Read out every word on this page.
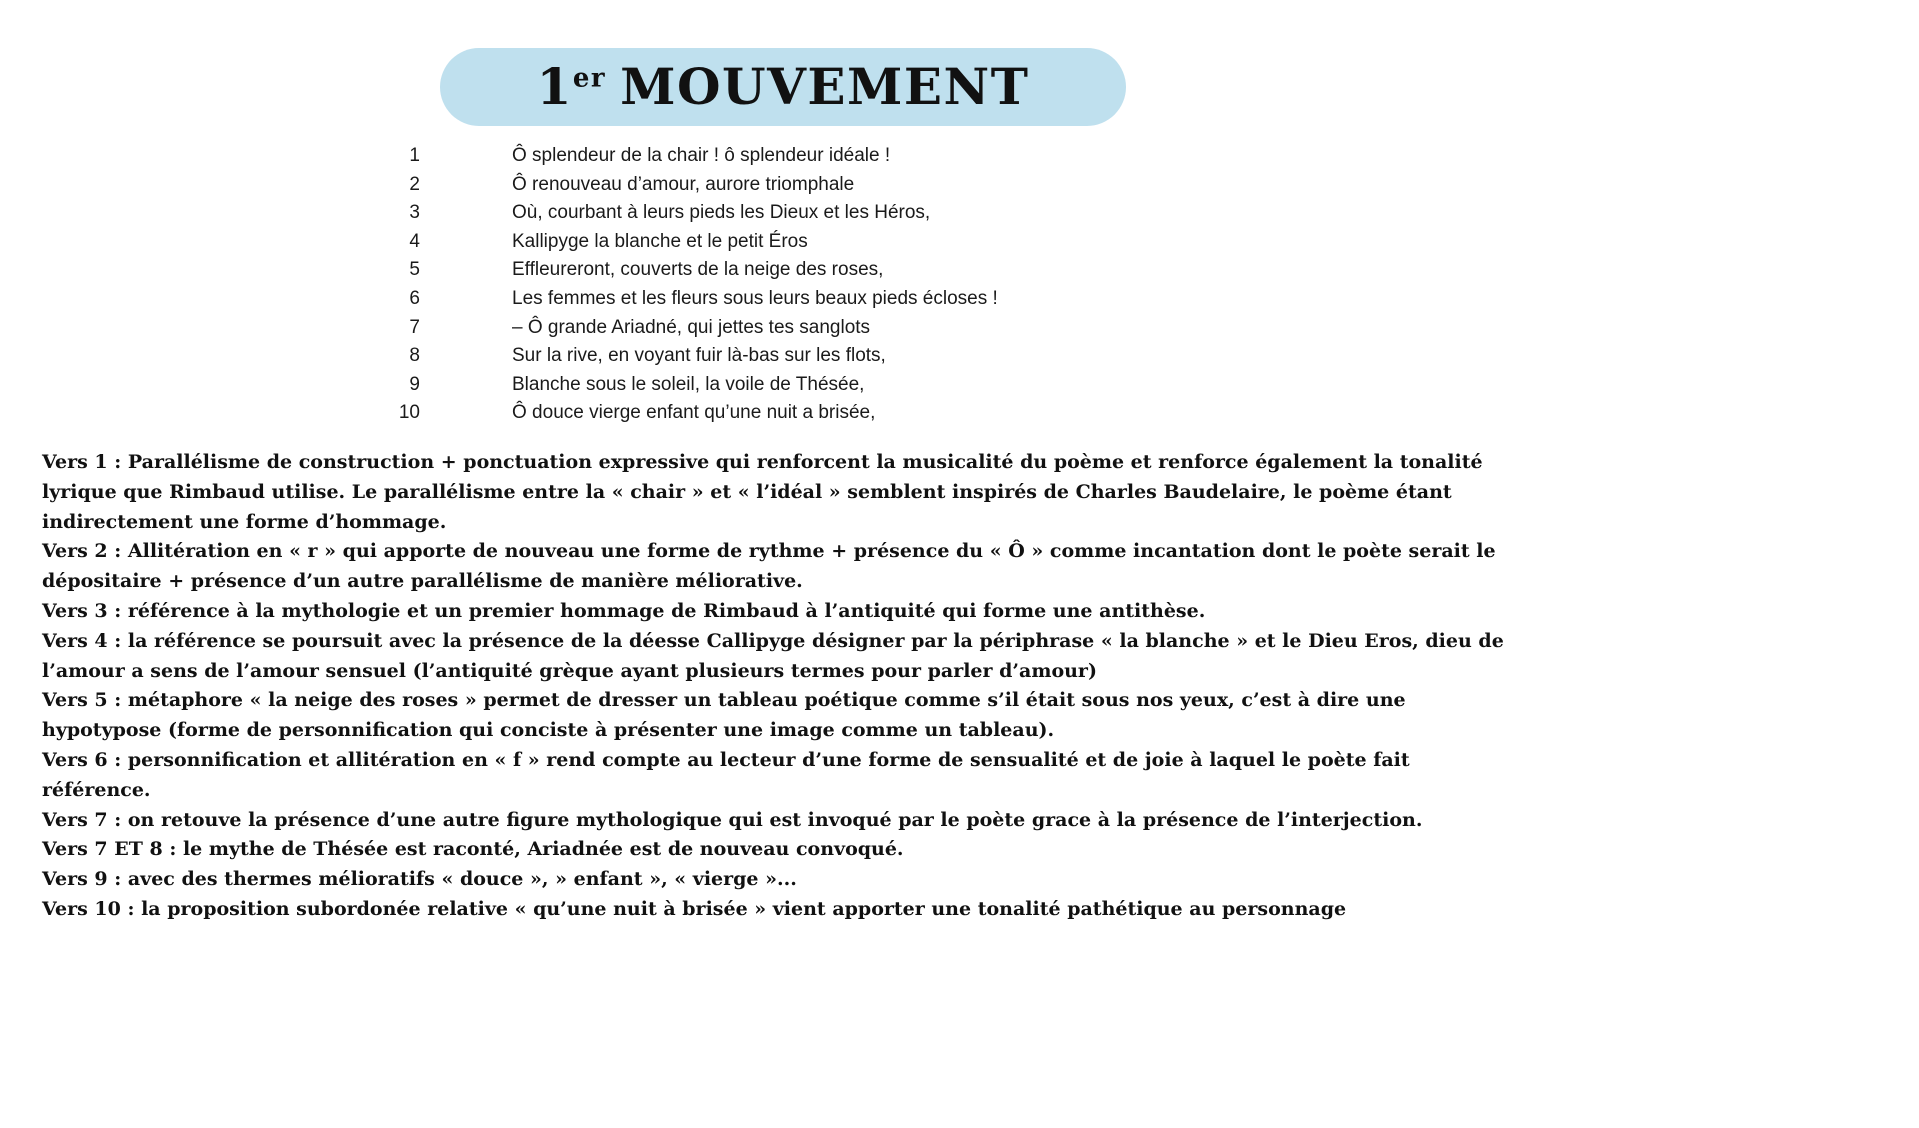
1er MOUVEMENT
1	Ô splendeur de la chair ! ô splendeur idéale !
2	Ô renouveau d’amour, aurore triomphale
3	Où, courbant à leurs pieds les Dieux et les Héros,
4	Kallipyge la blanche et le petit Éros
5	Effleureront, couverts de la neige des roses,
6	Les femmes et les fleurs sous leurs beaux pieds écloses !
7	– Ô grande Ariadné, qui jettes tes sanglots
8	Sur la rive, en voyant fuir là-bas sur les flots,
9	Blanche sous le soleil, la voile de Thésée,
10	Ô douce vierge enfant qu’une nuit a brisée,

Vers 1 : Parallélisme de construction + ponctuation expressive qui renforcent la musicalité du poème et renforce également la tonalité lyrique que Rimbaud utilise. Le parallélisme entre la « chair » et « l’idéal » semblent inspirés de Charles Baudelaire, le poème étant indirectement une forme d’hommage.

Vers 2 : Allitération en « r » qui apporte de nouveau une forme de rythme + présence du « Ô » comme incantation dont le poète serait le dépositaire + présence d’un autre parallélisme de manière méliorative.

Vers 3 : référence à la mythologie et un premier hommage de Rimbaud à l’antiquité qui forme une antithèse.

Vers 4 : la référence se poursuit avec la présence de la déesse Callipyge désigner par la périphrase « la blanche » et le Dieu Eros, dieu de l’amour a sens de l’amour sensuel (l’antiquité grèque ayant plusieurs termes pour parler d’amour)

Vers 5 : métaphore « la neige des roses » permet de dresser un tableau poétique comme s’il était sous nos yeux, c’est à dire une hypotypose (forme de personnification qui conciste à présenter une image comme un tableau).

Vers 6 : personnification et allitération en « f » rend compte au lecteur d’une forme de sensualité et de joie à laquel le poète fait référence.

Vers 7 : on retouve la présence d’une autre figure mythologique qui est invoqué par le poète grace à la présence de l’interjection.

Vers 7 ET 8 : le mythe de Thésée est raconté, Ariadnée est de nouveau convoqué.

Vers 9 : avec des thermes mélioratifs « douce », » enfant », « vierge »...

Vers 10 : la proposition subordonée relative « qu’une nuit à brisée » vient apporter une tonalité pathétique au personnage
